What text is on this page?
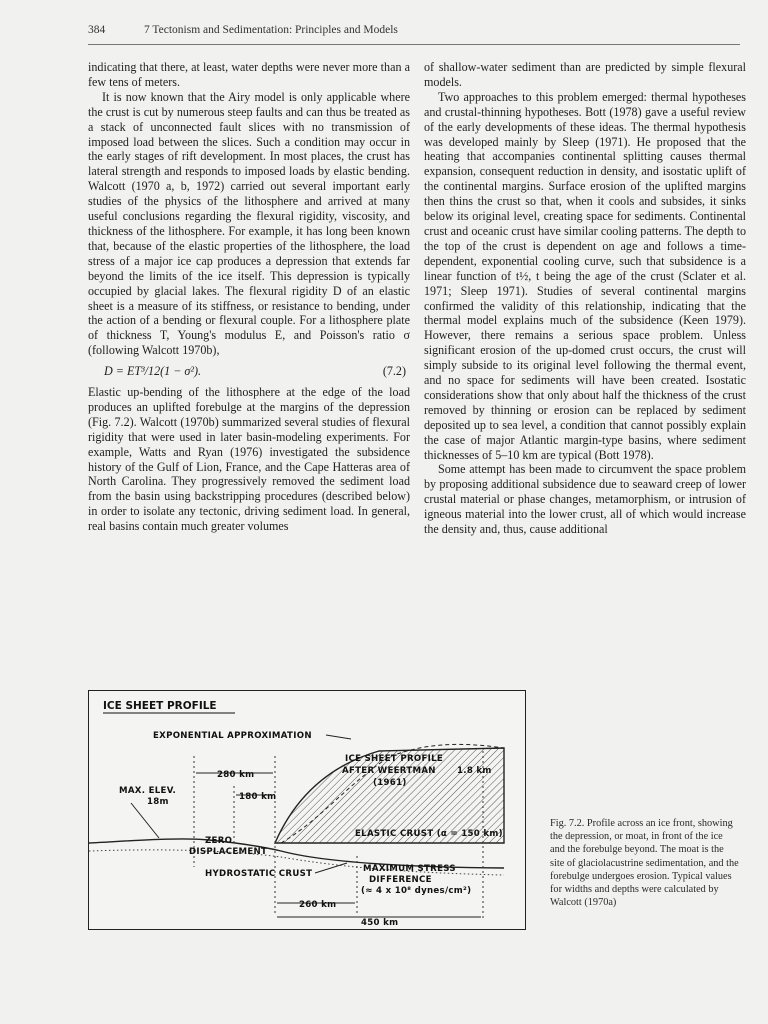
384	7 Tectonism and Sedimentation: Principles and Models

indicating that there, at least, water depths were never more than a few tens of meters.

It is now known that the Airy model is only applicable where the crust is cut by numerous steep faults and can thus be treated as a stack of unconnected fault slices with no transmission of imposed load between the slices. Such a condition may occur in the early stages of rift development. In most places, the crust has lateral strength and responds to imposed loads by elastic bending. Walcott (1970 a, b, 1972) carried out several important early studies of the physics of the lithosphere and arrived at many useful conclusions regarding the flexural rigidity, viscosity, and thickness of the lithosphere. For example, it has long been known that, because of the elastic properties of the lithosphere, the load stress of a major ice cap produces a depression that extends far beyond the limits of the ice itself. This depression is typically occupied by glacial lakes. The flexural rigidity D of an elastic sheet is a measure of its stiffness, or resistance to bending, under the action of a bending or flexural couple. For a lithosphere plate of thickness T, Young's modulus E, and Poisson's ratio σ (following Walcott 1970b),

D = ET³/12(1 − σ²).	(7.2)

Elastic up-bending of the lithosphere at the edge of the load produces an uplifted forebulge at the margins of the depression (Fig. 7.2). Walcott (1970b) summarized several studies of flexural rigidity that were used in later basin-modeling experiments. For example, Watts and Ryan (1976) investigated the subsidence history of the Gulf of Lion, France, and the Cape Hatteras area of North Carolina. They progressively removed the sediment load from the basin using backstripping procedures (described below) in order to isolate any tectonic, driving sediment load. In general, real basins contain much greater volumes

of shallow-water sediment than are predicted by simple flexural models.

Two approaches to this problem emerged: thermal hypotheses and crustal-thinning hypotheses. Bott (1978) gave a useful review of the early developments of these ideas. The thermal hypothesis was developed mainly by Sleep (1971). He proposed that the heating that accompanies continental splitting causes thermal expansion, consequent reduction in density, and isostatic uplift of the continental margins. Surface erosion of the uplifted margins then thins the crust so that, when it cools and subsides, it sinks below its original level, creating space for sediments. Continental crust and oceanic crust have similar cooling patterns. The depth to the top of the crust is dependent on age and follows a time-dependent, exponential cooling curve, such that subsidence is a linear function of t½, t being the age of the crust (Sclater et al. 1971; Sleep 1971). Studies of several continental margins confirmed the validity of this relationship, indicating that the thermal model explains much of the subsidence (Keen 1979). However, there remains a serious space problem. Unless significant erosion of the up-domed crust occurs, the crust will simply subside to its original level following the thermal event, and no space for sediments will have been created. Isostatic considerations show that only about half the thickness of the crust removed by thinning or erosion can be replaced by sediment deposited up to sea level, a condition that cannot possibly explain the case of major Atlantic margin-type basins, where sediment thicknesses of 5–10 km are typical (Bott 1978).

Some attempt has been made to circumvent the space problem by proposing additional subsidence due to seaward creep of lower crustal material or phase changes, metamorphism, or intrusion of igneous material into the lower crust, all of which would increase the density and, thus, cause additional

ICE SHEET PROFILE
EXPONENTIAL APPROXIMATION
ICE SHEET PROFILE
AFTER WEERTMAN
(1961)
1.8 km
280 km
180 km
MAX. ELEV.
18m
ZERO
DISPLACEMENT
ELASTIC CRUST (α = 150 km)
HYDROSTATIC CRUST	MAXIMUM STRESS
DIFFERENCE
(≈ 4 x 10⁸ dynes/cm²)
260 km
450 km
Fig. 7.2. Profile across an ice front, showing the depression, or moat, in front of the ice and the forebulge beyond. The moat is the site of glaciolacustrine sedimentation, and the forebulge undergoes erosion. Typical values for widths and depths were calculated by Walcott (1970a)
